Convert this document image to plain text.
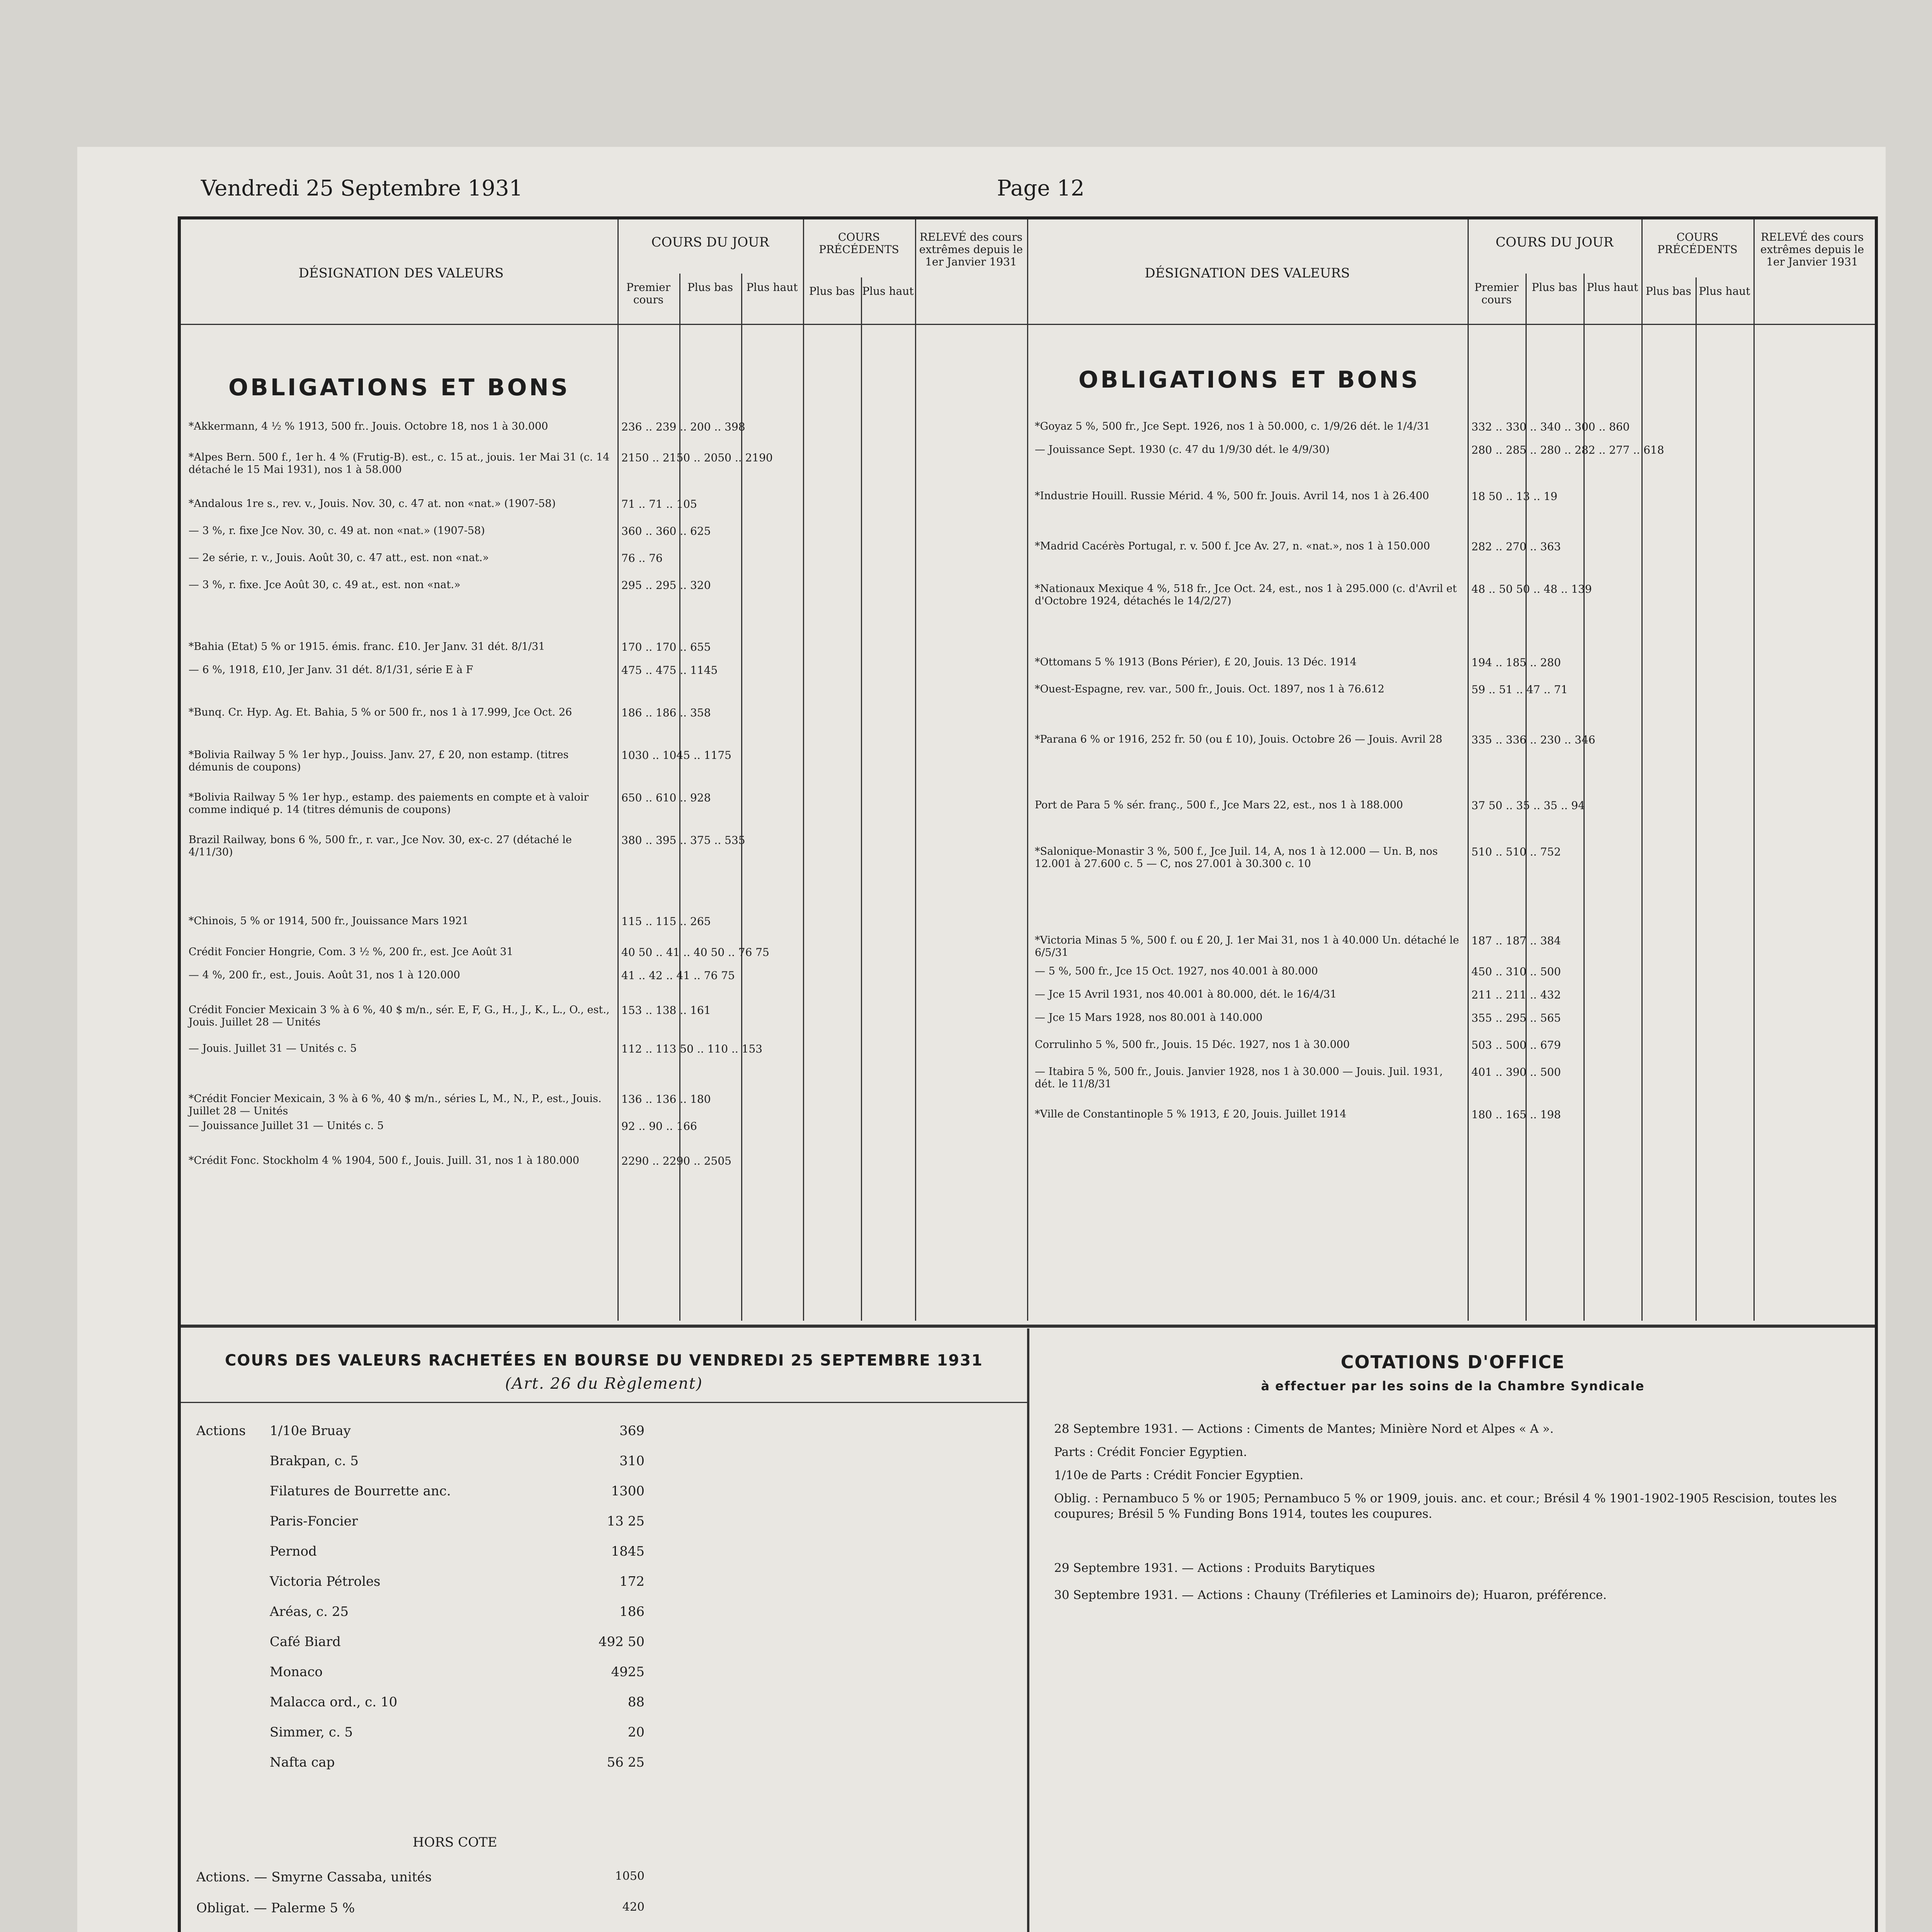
Vendredi 25 Septembre 1931	Page 12
DÉSIGNATION DES VALEURS
COURS DU JOUR
Premier cours
Plus bas	Plus haut
COURS PRÉCÉDENTS
Plus bas Plus haut
RELEVÉ des cours extrêmes depuis le 1er Janvier 1931
DÉSIGNATION DES VALEURS
COURS DU JOUR
Premier cours
Plus bas Plus haut
COURS PRÉCÉDENTS
Plus bas Plus haut
RELEVÉ des cours extrêmes depuis le 1er Janvier 1931
OBLIGATIONS ET BONS	OBLIGATIONS ET BONS
*Akkermann, 4 ½ % 1913, 500 fr.. Jouis. Octobre 18, nos 1 à 30.000	236 .. 239 .. 200 .. 398
*Alpes Bern. 500 f., 1er h. 4 % (Frutig-B). est., c. 15 at., jouis. 1er Mai 31 (c. 14 détaché le 15 Mai 1931), nos 1 à 58.000
2150 .. 2150 .. 2050 .. 2190
*Andalous 1re s., rev. v., Jouis. Nov. 30, c. 47 at. non «nat.» (1907-58)	71 .. 71 .. 105
— 3 %, r. fixe Jce Nov. 30, c. 49 at. non «nat.» (1907-58)	360 .. 360 .. 625
— 2e série, r. v., Jouis. Août 30, c. 47 att., est. non «nat.»	76 .. 76
— 3 %, r. fixe. Jce Août 30, c. 49 at., est. non «nat.»	295 .. 295 .. 320
*Bahia (Etat) 5 % or 1915. émis. franc. £10. Jer Janv. 31 dét. 8/1/31	170 .. 170 .. 655
— 6 %, 1918, £10, Jer Janv. 31 dét. 8/1/31, série E à F	475 .. 475 .. 1145
*Bunq. Cr. Hyp. Ag. Et. Bahia, 5 % or 500 fr., nos 1 à 17.999, Jce Oct. 26	186 .. 186 .. 358
*Bolivia Railway 5 % 1er hyp., Jouiss. Janv. 27, £ 20, non estamp. (titres démunis de coupons)
1030 .. 1045 .. 1175
*Bolivia Railway 5 % 1er hyp., estamp. des paiements en compte et à valoir comme indiqué p. 14 (titres démunis de coupons)
650 .. 610 .. 928
Brazil Railway, bons 6 %, 500 fr., r. var., Jce Nov. 30, ex-c. 27 (détaché le 4/11/30)
380 .. 395 .. 375 .. 535
*Chinois, 5 % or 1914, 500 fr., Jouissance Mars 1921	115 .. 115 .. 265
Crédit Foncier Hongrie, Com. 3 ½ %, 200 fr., est. Jce Août 31	40 50 .. 41 .. 40 50 .. 76 75
— 4 %, 200 fr., est., Jouis. Août 31, nos 1 à 120.000	41 .. 42 .. 41 .. 76 75
Crédit Foncier Mexicain 3 % à 6 %, 40 $ m/n., sér. E, F, G., H., J., K., L., O., est., Jouis. Juillet 28 — Unités
153 .. 138 .. 161
— Jouis. Juillet 31 — Unités c. 5	112 .. 113 50 .. 110 .. 153
*Crédit Foncier Mexicain, 3 % à 6 %, 40 $ m/n., séries L, M., N., P., est., Jouis. Juillet 28 — Unités
136 .. 136 .. 180
— Jouissance Juillet 31 — Unités c. 5	92 .. 90 .. 166
*Crédit Fonc. Stockholm 4 % 1904, 500 f., Jouis. Juill. 31, nos 1 à 180.000	2290 .. 2290 .. 2505
*Goyaz 5 %, 500 fr., Jce Sept. 1926, nos 1 à 50.000, c. 1/9/26 dét. le 1/4/31	332 .. 330 .. 340 .. 300 .. 860
— Jouissance Sept. 1930 (c. 47 du 1/9/30 dét. le 4/9/30)	280 .. 285 .. 280 .. 282 .. 277 .. 618
*Industrie Houill. Russie Mérid. 4 %, 500 fr. Jouis. Avril 14, nos 1 à 26.400	18 50 .. 13 .. 19
*Madrid Cacérès Portugal, r. v. 500 f. Jce Av. 27, n. «nat.», nos 1 à 150.000	282 .. 270 .. 363
*Nationaux Mexique 4 %, 518 fr., Jce Oct. 24, est., nos 1 à 295.000 (c. d'Avril et d'Octobre 1924, détachés le 14/2/27)
48 .. 50 50 .. 48 .. 139
*Ottomans 5 % 1913 (Bons Périer), £ 20, Jouis. 13 Déc. 1914	194 .. 185 .. 280
*Ouest-Espagne, rev. var., 500 fr., Jouis. Oct. 1897, nos 1 à 76.612	59 .. 51 .. 47 .. 71
*Parana 6 % or 1916, 252 fr. 50 (ou £ 10), Jouis. Octobre 26 — Jouis. Avril 28	335 .. 336 .. 230 .. 346
Port de Para 5 % sér. franç., 500 f., Jce Mars 22, est., nos 1 à 188.000	37 50 .. 35 .. 35 .. 94
*Salonique-Monastir 3 %, 500 f., Jce Juil. 14, A, nos 1 à 12.000 — Un. B, nos 12.001 à 27.600 c. 5 — C, nos 27.001 à 30.300 c. 10
510 .. 510 .. 752
*Victoria Minas 5 %, 500 f. ou £ 20, J. 1er Mai 31, nos 1 à 40.000 Un. détaché le 6/5/31
187 .. 187 .. 384
— 5 %, 500 fr., Jce 15 Oct. 1927, nos 40.001 à 80.000	450 .. 310 .. 500
— Jce 15 Avril 1931, nos 40.001 à 80.000, dét. le 16/4/31	211 .. 211 .. 432
— Jce 15 Mars 1928, nos 80.001 à 140.000	355 .. 295 .. 565
Corrulinho 5 %, 500 fr., Jouis. 15 Déc. 1927, nos 1 à 30.000	503 .. 500 .. 679
— Itabira 5 %, 500 fr., Jouis. Janvier 1928, nos 1 à 30.000 — Jouis. Juil. 1931, dét. le 11/8/31
401 .. 390 .. 500
*Ville de Constantinople 5 % 1913, £ 20, Jouis. Juillet 1914	180 .. 165 .. 198
COURS DES VALEURS RACHETÉES EN BOURSE DU VENDREDI 25 SEPTEMBRE 1931
(Art. 26 du Règlement)
Actions 1/10e Bruay	369
Brakpan, c. 5	310
Filatures de Bourrette anc.	1300
Paris-Foncier	13 25
Pernod	1845
Victoria Pétroles	172
Aréas, c. 25	186
Café Biard	492 50
Monaco	4925
Malacca ord., c. 10	88
Simmer, c. 5	20
Nafta cap	56 25
HORS COTE
Actions. — Smyrne Cassaba, unités	1050
Obligat. — Palerme 5 %	420
COTATIONS D'OFFICE
à effectuer par les soins de la Chambre Syndicale
28 Septembre 1931. — Actions : Ciments de Mantes; Minière Nord et Alpes « A ».
Parts : Crédit Foncier Egyptien.
1/10e de Parts : Crédit Foncier Egyptien.
Oblig. : Pernambuco 5 % or 1905; Pernambuco 5 % or 1909, jouis. anc. et cour.; Brésil 4 % 1901-1902-1905 Rescision, toutes les coupures; Brésil 5 % Funding Bons 1914, toutes les coupures.
29 Septembre 1931. — Actions : Produits Barytiques
30 Septembre 1931. — Actions : Chauny (Tréfileries et Laminoirs de); Huaron, préférence.
